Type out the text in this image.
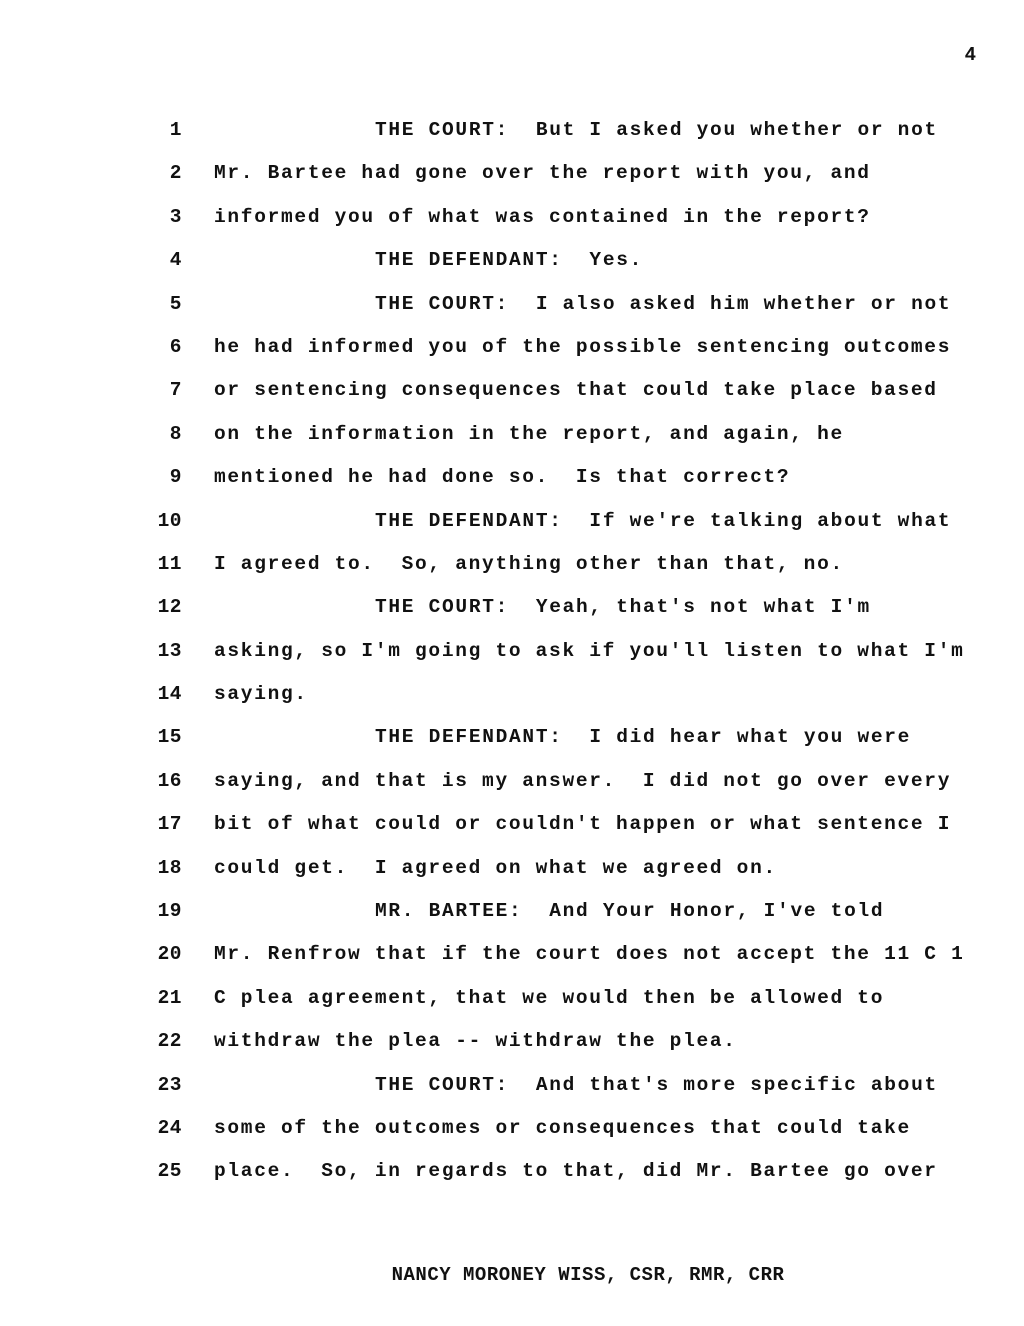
4
1	THE COURT:  But I asked you whether or not
2 Mr. Bartee had gone over the report with you, and
3 informed you of what was contained in the report?
4	THE DEFENDANT:  Yes.
5	THE COURT:  I also asked him whether or not
6 he had informed you of the possible sentencing outcomes
7 or sentencing consequences that could take place based
8 on the information in the report, and again, he
9 mentioned he had done so.  Is that correct?
10	THE DEFENDANT:  If we're talking about what
11 I agreed to.  So, anything other than that, no.
12	THE COURT:  Yeah, that's not what I'm
13 asking, so I'm going to ask if you'll listen to what I'm
14 saying.
15	THE DEFENDANT:  I did hear what you were
16 saying, and that is my answer.  I did not go over every
17 bit of what could or couldn't happen or what sentence I
18 could get.  I agreed on what we agreed on.
19	MR. BARTEE:  And Your Honor, I've told
20 Mr. Renfrow that if the court does not accept the 11 C 1
21 C plea agreement, that we would then be allowed to
22 withdraw the plea -- withdraw the plea.
23	THE COURT:  And that's more specific about
24 some of the outcomes or consequences that could take
25 place.  So, in regards to that, did Mr. Bartee go over
NANCY MORONEY WISS, CSR, RMR, CRR
